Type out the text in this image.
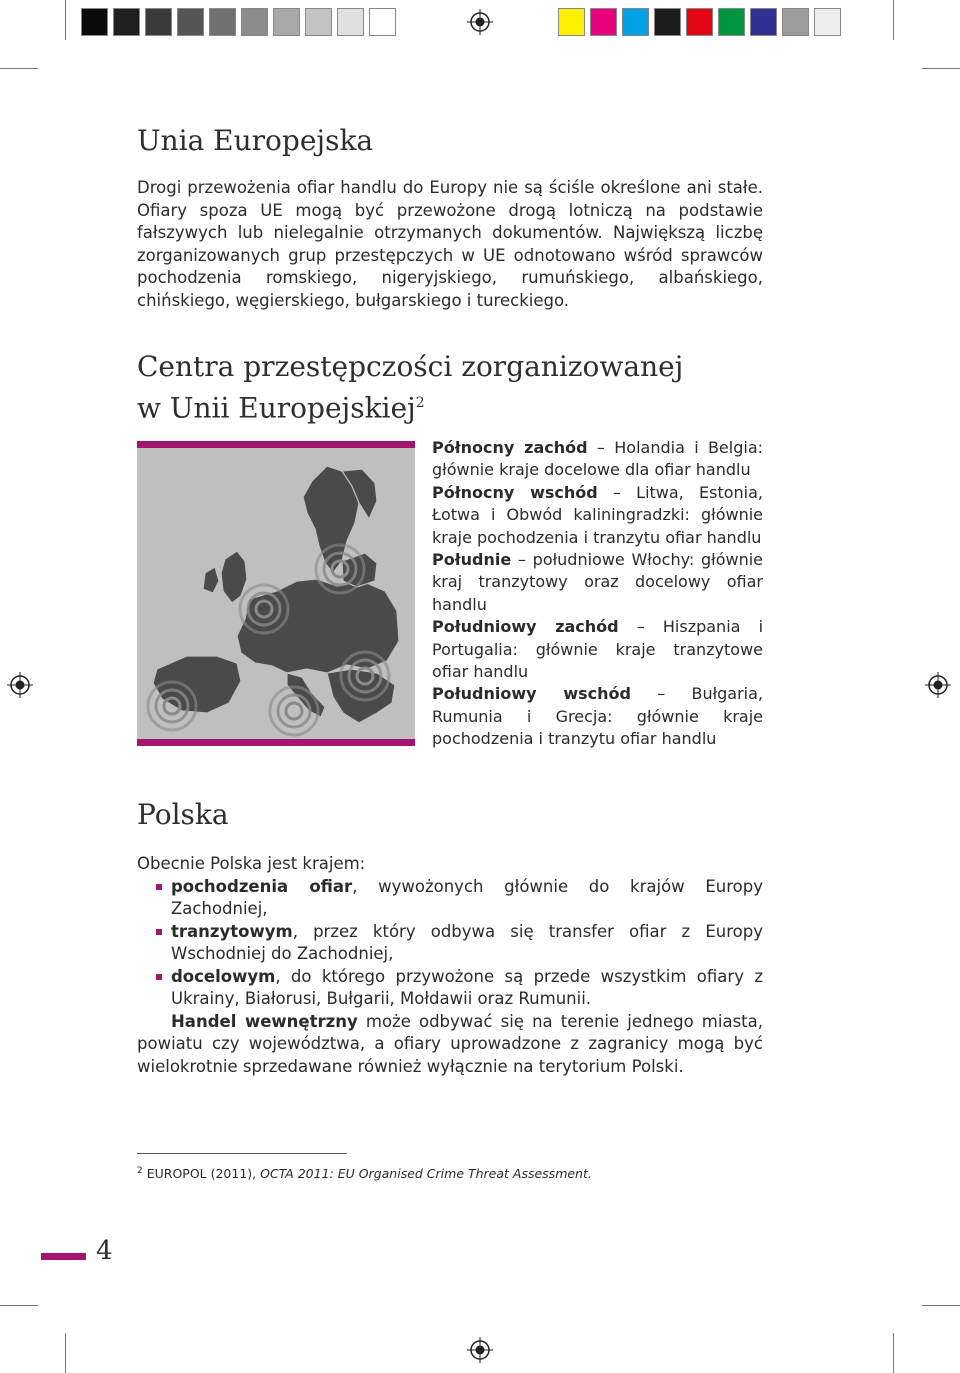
Unia Europejska

Drogi przewożenia ofiar handlu do Europy nie są ściśle określone ani stałe. Ofiary spoza UE mogą być przewożone drogą lotniczą na podstawie fałszywych lub nielegalnie otrzymanych dokumentów. Największą liczbę zorganizowanych grup przestępczych w UE odnotowano wśród sprawców pochodzenia romskiego, nigeryjskiego, rumuńskiego, albańskiego, chińskiego, węgierskiego, bułgarskiego i tureckiego.

Centra przestępczości zorganizowanej
w Unii Europejskiej$^2$

Północny zachód – Holandia i Belgia: głównie kraje docelowe dla ofiar handlu

Północny wschód – Litwa, Estonia, Łotwa i Obwód kaliningradzki: głównie kraje pochodzenia i tranzytu ofiar handlu

Południe – południowe Włochy: głównie kraj tranzytowy oraz docelowy ofiar handlu

Południowy zachód – Hiszpania i Portugalia: głównie kraje tranzytowe ofiar handlu

Południowy wschód – Bułgaria, Rumunia i Grecja: głównie kraje pochodzenia i tranzytu ofiar handlu

Polska

Obecnie Polska jest krajem:

pochodzenia ofiar, wywożonych głównie do krajów Europy Zachodniej,
tranzytowym, przez który odbywa się transfer ofiar z Europy Wschodniej do Zachodniej,
docelowym, do którego przywożone są przede wszystkim ofiary z Ukrainy, Białorusi, Bułgarii, Mołdawii oraz Rumunii.

Handel wewnętrzny może odbywać się na terenie jednego miasta, powiatu czy województwa, a ofiary uprowadzone z zagranicy mogą być wielokrotnie sprzedawane również wyłącznie na terytorium Polski.

$^2$ EUROPOL (2011), OCTA 2011: EU Organised Crime Threat Assessment.
4
